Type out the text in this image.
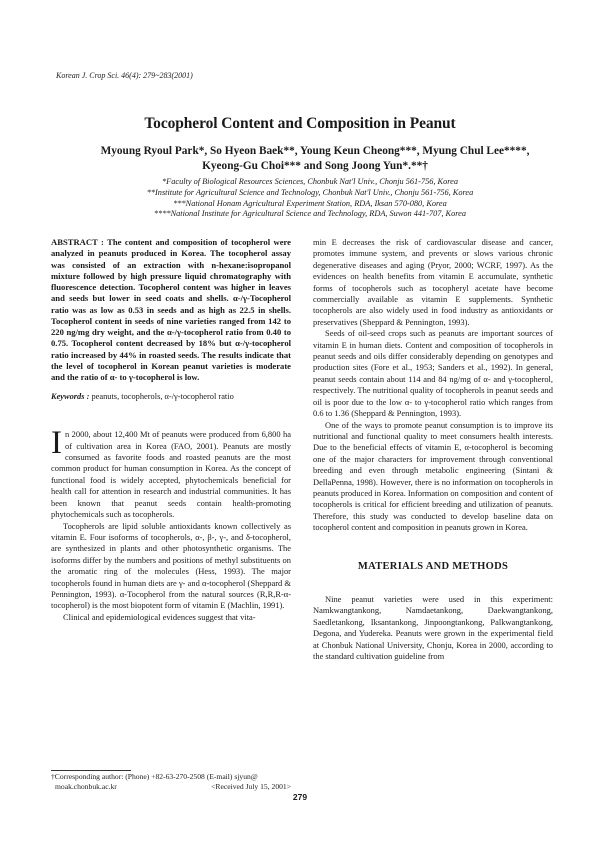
Korean J. Crop Sci. 46(4): 279~283(2001)
Tocopherol Content and Composition in Peanut
Myoung Ryoul Park*, So Hyeon Baek**, Young Keun Cheong***, Myung Chul Lee****,
Kyeong-Gu Choi*** and Song Joong Yun*.**†
*Faculty of Biological Resources Sciences, Chonbuk Nat'l Univ., Chonju 561-756, Korea
**Institute for Agricultural Science and Technology, Chonbuk Nat'l Univ., Chonju 561-756, Korea
***National Honam Agricultural Experiment Station, RDA, Iksan 570-080, Korea
****National Institute for Agricultural Science and Technology, RDA, Suwon 441-707, Korea

ABSTRACT : The content and composition of tocopherol were analyzed in peanuts produced in Korea. The tocopherol assay was consisted of an extraction with n-hexane:isopropanol mixture followed by high pressure liquid chromatography with fluorescence detection. Tocopherol content was higher in leaves and seeds but lower in seed coats and shells. α-/γ-Tocopherol ratio was as low as 0.53 in seeds and as high as 22.5 in shells. Tocopherol content in seeds of nine varieties ranged from 142 to 220 ng/mg dry weight, and the α-/γ-tocopherol ratio from 0.40 to 0.75. Tocopherol content decreased by 18% but α-/γ-tocopherol ratio increased by 44% in roasted seeds. The results indicate that the level of tocopherol in Korean peanut varieties is moderate and the ratio of α- to γ-tocopherol is low.

Keywords : peanuts, tocopherols, α-/γ-tocopherol ratio

In 2000, about 12,400 Mt of peanuts were produced from 6,800 ha of cultivation area in Korea (FAO, 2001). Peanuts are mostly consumed as favorite foods and roasted peanuts are the most common product for human consumption in Korea. As the concept of functional food is widely accepted, phytochemicals beneficial for health call for attention in research and industrial communities. It has been known that peanut seeds contain health-promoting phytochemicals such as tocopherols.

Tocopherols are lipid soluble antioxidants known collectively as vitamin E. Four isoforms of tocopherols, α-, β-, γ-, and δ-tocopherol, are synthesized in plants and other photosynthetic organisms. The isoforms differ by the numbers and positions of methyl substituents on the aromatic ring of the molecules (Hess, 1993). The major tocopherols found in human diets are γ- and α-tocopherol (Sheppard & Pennington, 1993). α-Tocopherol from the natural sources (R,R,R-α-tocopherol) is the most biopotent form of vitamin E (Machlin, 1991).

Clinical and epidemiological evidences suggest that vita-

min E decreases the risk of cardiovascular disease and cancer, promotes immune system, and prevents or slows various chronic degenerative diseases and aging (Pryor, 2000; WCRF, 1997). As the evidences on health benefits from vitamin E accumulate, synthetic forms of tocopherols such as tocopheryl acetate have become commercially available as vitamin E supplements. Synthetic tocopherols are also widely used in food industry as antioxidants or preservatives (Sheppard & Pennington, 1993).

Seeds of oil-seed crops such as peanuts are important sources of vitamin E in human diets. Content and composition of tocopherols in peanut seeds and oils differ considerably depending on genotypes and production sites (Fore et al., 1953; Sanders et al., 1992). In general, peanut seeds contain about 114 and 84 ng/mg of α- and γ-tocopherol, respectively. The nutritional quality of tocopherols in peanut seeds and oil is poor due to the low α- to γ-tocopherol ratio which ranges from 0.6 to 1.36 (Sheppard & Pennington, 1993).

One of the ways to promote peanut consumption is to improve its nutritional and functional quality to meet consumers health interests. Due to the beneficial effects of vitamin E, α-tocopherol is becoming one of the major characters for improvement through conventional breeding and even through metabolic engineering (Sintani & DellaPenna, 1998). However, there is no information on tocopherols in peanuts produced in Korea. Information on composition and content of tocopherols is critical for efficient breeding and utilization of peanuts. Therefore, this study was conducted to develop baseline data on tocopherol content and composition in peanuts grown in Korea.

MATERIALS AND METHODS

Nine peanut varieties were used in this experiment: Namkwangtankong, Namdaetankong, Daekwangtankong, Saedletankong, Iksantankong, Jinpoongtankong, Palkwangtankong, Degona, and Yudereka. Peanuts were grown in the experimental field at Chonbuk National University, Chonju, Korea in 2000, according to the standard cultivation guideline from

†Corresponding author: (Phone) +82-63-270-2508 (E-mail) sjyun@
moak.chonbuk.ac.kr	<Received July 15, 2001>
279
